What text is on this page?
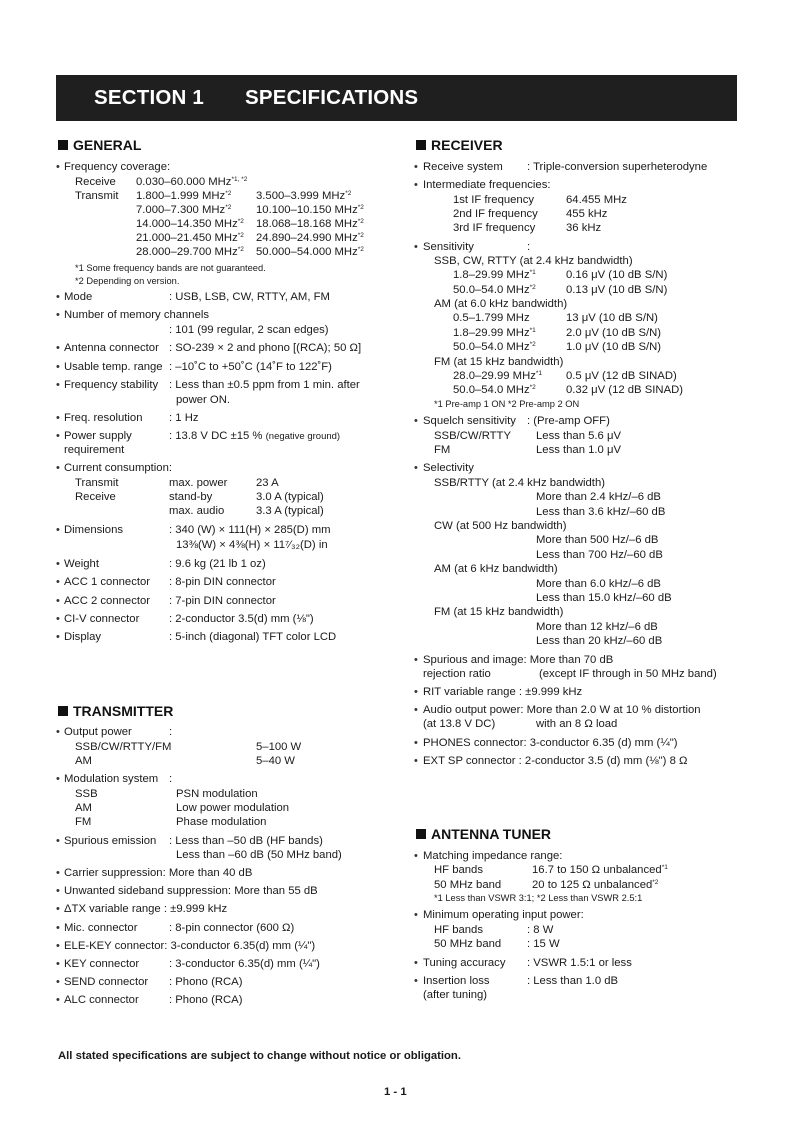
SECTION 1 SPECIFICATIONS
GENERAL
• Frequency coverage:
Receive 0.030–60.000 MHz$^{*1, *2}$
Transmit 1.800–1.999 MHz$^{*2}$ 3.500–3.999 MHz$^{*2}$
7.000–7.300 MHz$^{*2}$ 10.100–10.150 MHz$^{*2}$
14.000–14.350 MHz$^{*2}$ 18.068–18.168 MHz$^{*2}$
21.000–21.450 MHz$^{*2}$ 24.890–24.990 MHz$^{*2}$
28.000–29.700 MHz$^{*2}$ 50.000–54.000 MHz$^{*2}$
*1 Some frequency bands are not guaranteed.
*2 Depending on version.
• Mode	: USB, LSB, CW, RTTY, AM, FM
• Number of memory channels
: 101 (99 regular, 2 scan edges)
• Antenna connector : SO-239 × 2 and phono [(RCA); 50 Ω]
• Usable temp. range : –10˚C to +50˚C (14˚F to 122˚F)
• Frequency stability : Less than ±0.5 ppm from 1 min. after
power ON.
• Freq. resolution : 1 Hz
• Power supply
requirement
: 13.8 V DC ±15 % (negative ground)
• Current consumption:
Transmit	max. power	23 A
Receive	stand-by	3.0 A (typical)
max. audio	3.3 A (typical)
• Dimensions	: 340 (W) × 111(H) × 285(D) mm
13⅜(W) × 4⅜(H) × 11⁷⁄₃₂(D) in
• Weight	: 9.6 kg (21 lb 1 oz)
• ACC 1 connector : 8-pin DIN connector
• ACC 2 connector : 7-pin DIN connector
• CI-V connector	: 2-conductor 3.5(d) mm (⅛")
• Display	: 5-inch (diagonal) TFT color LCD
TRANSMITTER
• Output power	:
SSB/CW/RTTY/FM	5–100 W
AM	5–40 W
• Modulation system :
SSB	PSN modulation
AM	Low power modulation
FM	Phase modulation
• Spurious emission : Less than –50 dB (HF bands)
Less than –60 dB (50 MHz band)
• Carrier suppression: More than 40 dB
• Unwanted sideband suppression: More than 55 dB
• ΔTX variable range : ±9.999 kHz
• Mic. connector	: 8-pin connector (600 Ω)
• ELE-KEY connector: 3-conductor 6.35(d) mm (¼")
• KEY connector	: 3-conductor 6.35(d) mm (¼")
• SEND connector : Phono (RCA)
• ALC connector	: Phono (RCA)
RECEIVER
• Receive system : Triple-conversion superheterodyne
• Intermediate frequencies:
1st IF frequency	64.455 MHz
2nd IF frequency 455 kHz
3rd IF frequency	36 kHz
• Sensitivity	:
SSB, CW, RTTY (at 2.4 kHz bandwidth)
1.8–29.99 MHz$^{*1}$	0.16 μV (10 dB S/N)
50.0–54.0 MHz$^{*2}$	0.13 μV (10 dB S/N)
AM (at 6.0 kHz bandwidth)
0.5–1.799 MHz	13 μV (10 dB S/N)
1.8–29.99 MHz$^{*1}$	2.0 μV (10 dB S/N)
50.0–54.0 MHz$^{*2}$	1.0 μV (10 dB S/N)
FM (at 15 kHz bandwidth)
28.0–29.99 MHz$^{*1}$ 0.5 μV (12 dB SINAD)
50.0–54.0 MHz$^{*2}$	0.32 μV (12 dB SINAD)
*1 Pre-amp 1 ON *2 Pre-amp 2 ON
• Squelch sensitivity : (Pre-amp OFF)
SSB/CW/RTTY Less than 5.6 μV
FM	Less than 1.0 μV
• Selectivity
SSB/RTTY (at 2.4 kHz bandwidth)
More than 2.4 kHz/–6 dB
Less than 3.6 kHz/–60 dB
CW (at 500 Hz bandwidth)
More than 500 Hz/–6 dB
Less than 700 Hz/–60 dB
AM (at 6 kHz bandwidth)
More than 6.0 kHz/–6 dB
Less than 15.0 kHz/–60 dB
FM (at 15 kHz bandwidth)
More than 12 kHz/–6 dB
Less than 20 kHz/–60 dB
• Spurious and image: More than 70 dB
rejection ratio	(except IF through in 50 MHz band)
• RIT variable range : ±9.999 kHz
• Audio output power: More than 2.0 W at 10 % distortion
(at 13.8 V DC)	with an 8 Ω load
• PHONES connector: 3-conductor 6.35 (d) mm (¼")
• EXT SP connector : 2-conductor 3.5 (d) mm (⅛") 8 Ω
ANTENNA TUNER
• Matching impedance range:
HF bands	16.7 to 150 Ω unbalanced$^{*1}$
50 MHz band	20 to 125 Ω unbalanced$^{*2}$
*1 Less than VSWR 3:1; *2 Less than VSWR 2.5:1
• Minimum operating input power:
HF bands	: 8 W
50 MHz band : 15 W
• Tuning accuracy : VSWR 1.5:1 or less
• Insertion loss
(after tuning)
: Less than 1.0 dB
All stated specifications are subject to change without notice or obligation.
1 - 1
